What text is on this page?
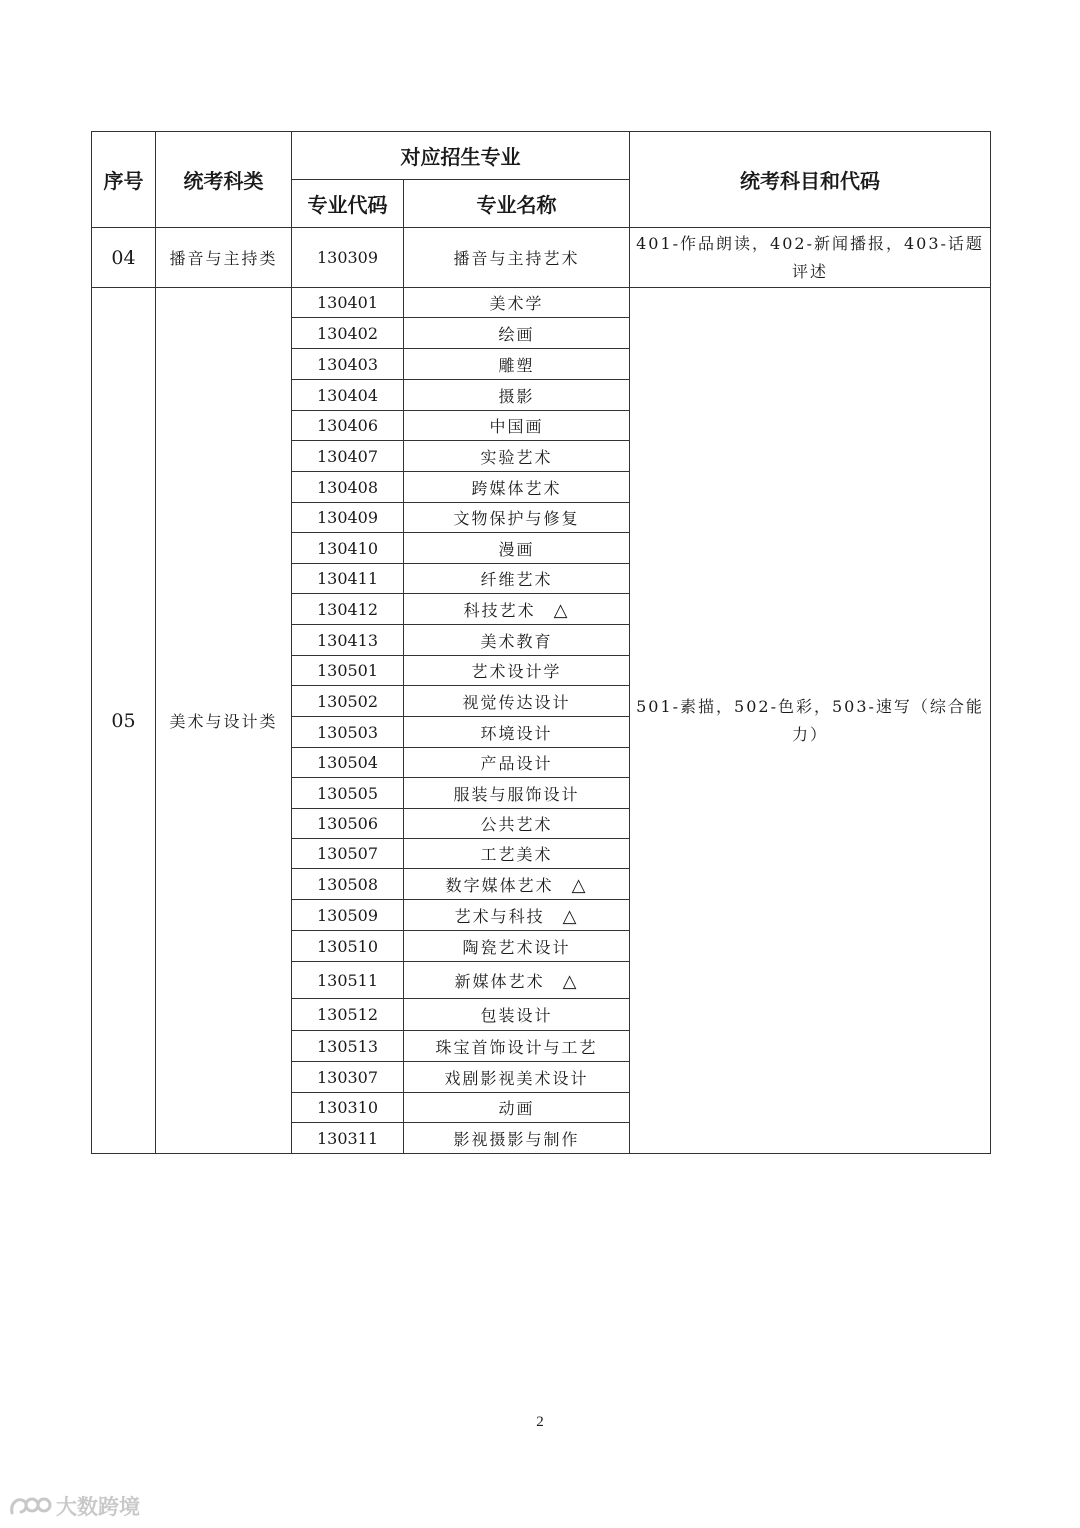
序号	统考科类	对应招生专业		统考科目和代码
		专业代码	专业名称	
04	播音与主持类	130309	播音与主持艺术	401-作品朗读，402-新闻播报，403-话题评述
05	美术与设计类	130401	美术学	501-素描，502-色彩，503-速写（综合能力）
		130402	绘画	
		130403	雕塑	
		130404	摄影	
		130406	中国画	
		130407	实验艺术	
		130408	跨媒体艺术	
		130409	文物保护与修复	
		130410	漫画	
		130411	纤维艺术	
		130412	科技艺术 △	
		130413	美术教育	
		130501	艺术设计学	
		130502	视觉传达设计	
		130503	环境设计	
		130504	产品设计	
		130505	服装与服饰设计	
		130506	公共艺术	
		130507	工艺美术	
		130508	数字媒体艺术 △	
		130509	艺术与科技 △	
		130510	陶瓷艺术设计	
		130511	新媒体艺术 △	
		130512	包装设计	
		130513	珠宝首饰设计与工艺	
		130307	戏剧影视美术设计	
		130310	动画	
		130311	影视摄影与制作	
2
大数跨境
